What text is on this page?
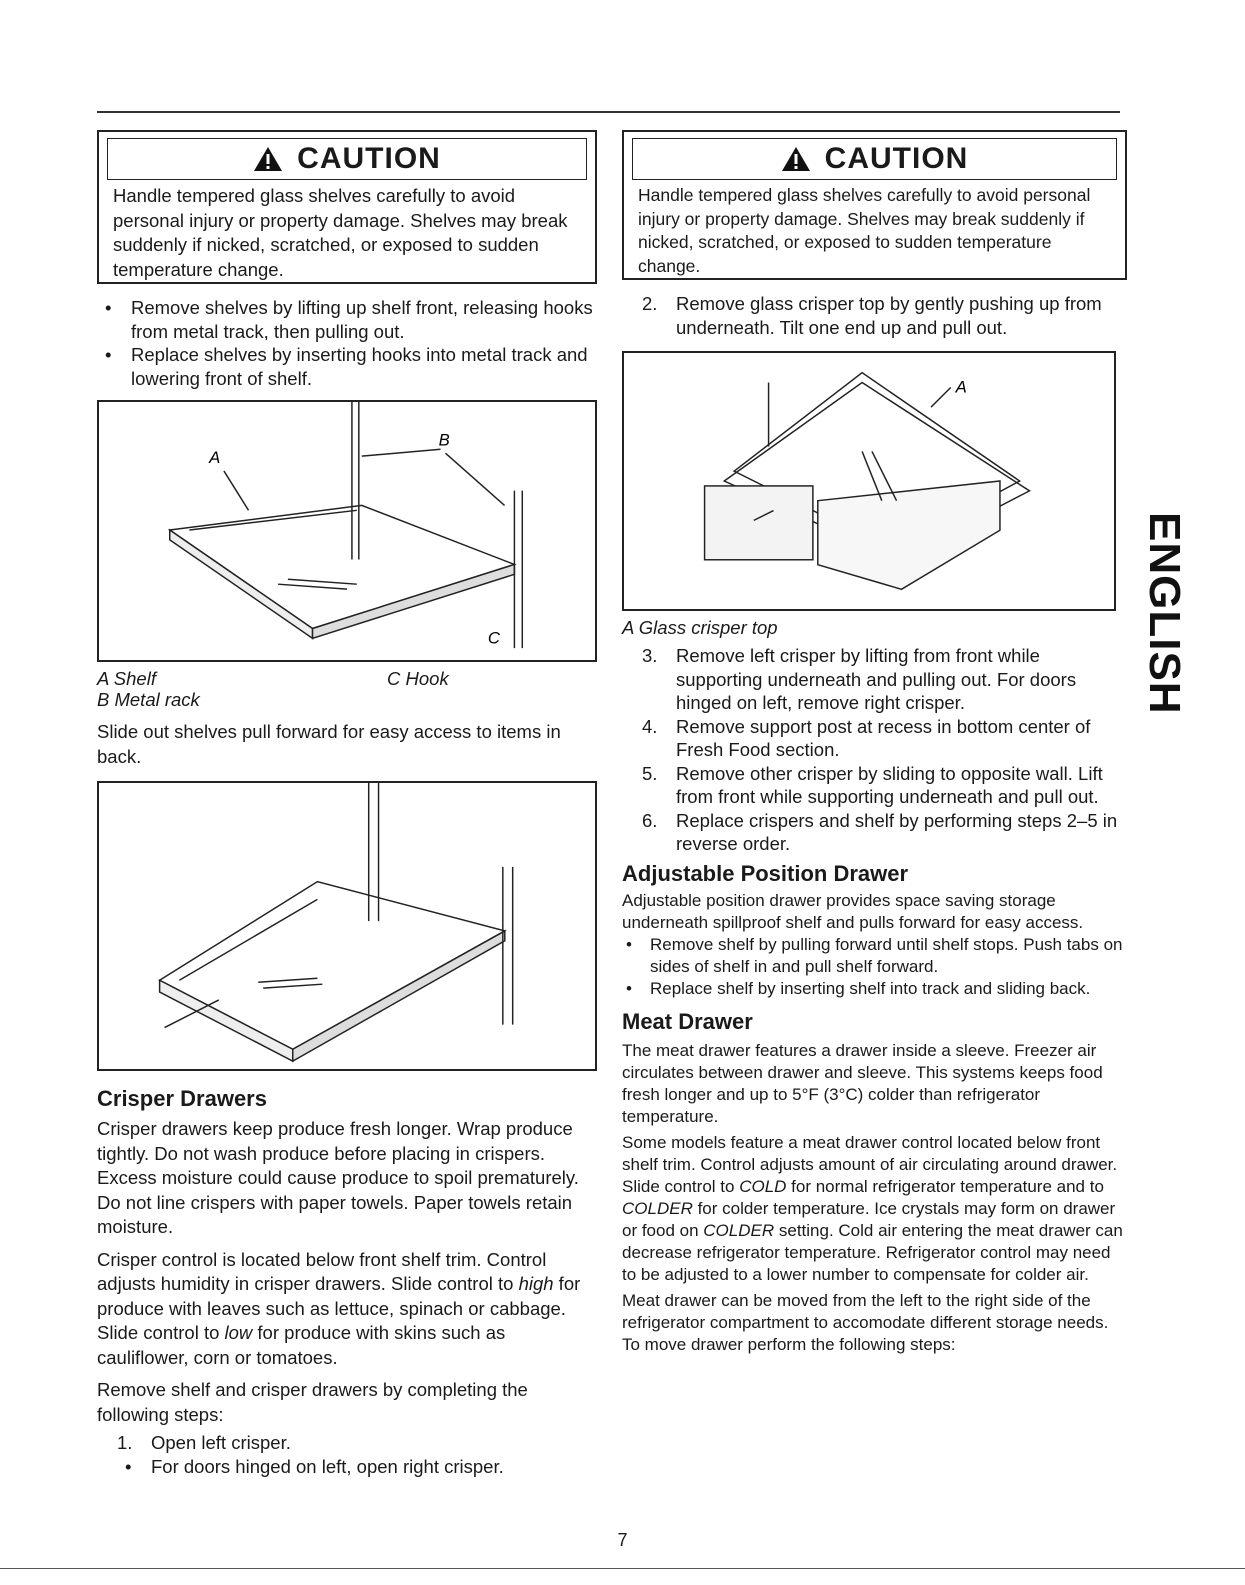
CAUTION
Handle tempered glass shelves carefully to avoid personal injury or property damage. Shelves may break suddenly if nicked, scratched, or exposed to sudden temperature change.
• Remove shelves by lifting up shelf front, releasing hooks from metal track, then pulling out.
• Replace shelves by inserting hooks into metal track and lowering front of shelf.
A
B
C
A Shelf
B Metal rack
C Hook

Slide out shelves pull forward for easy access to items in back.

Crisper Drawers

Crisper drawers keep produce fresh longer. Wrap produce tightly. Do not wash produce before placing in crispers. Excess moisture could cause produce to spoil prematurely. Do not line crispers with paper towels. Paper towels retain moisture.

Crisper control is located below front shelf trim. Control adjusts humidity in crisper drawers. Slide control to high for produce with leaves such as lettuce, spinach or cabbage. Slide control to low for produce with skins such as cauliflower, corn or tomatoes.

Remove shelf and crisper drawers by completing the following steps:

1. Open left crisper.
• For doors hinged on left, open right crisper.
CAUTION
Handle tempered glass shelves carefully to avoid personal injury or property damage. Shelves may break suddenly if nicked, scratched, or exposed to sudden temperature change.
2. Remove glass crisper top by gently pushing up from underneath. Tilt one end up and pull out.
A
A Glass crisper top
3. Remove left crisper by lifting from front while supporting underneath and pulling out. For doors hinged on left, remove right crisper.
4. Remove support post at recess in bottom center of Fresh Food section.
5. Remove other crisper by sliding to opposite wall. Lift from front while supporting underneath and pull out.
6. Replace crispers and shelf by performing steps 2–5 in reverse order.
Adjustable Position Drawer

Adjustable position drawer provides space saving storage underneath spillproof shelf and pulls forward for easy access.

• Remove shelf by pulling forward until shelf stops. Push tabs on sides of shelf in and pull shelf forward.
• Replace shelf by inserting shelf into track and sliding back.
Meat Drawer

The meat drawer features a drawer inside a sleeve. Freezer air circulates between drawer and sleeve. This systems keeps food fresh longer and up to 5°F (3°C) colder than refrigerator temperature.

Some models feature a meat drawer control located below front shelf trim. Control adjusts amount of air circulating around drawer. Slide control to COLD for normal refrigerator temperature and to COLDER for colder temperature. Ice crystals may form on drawer or food on COLDER setting. Cold air entering the meat drawer can decrease refrigerator temperature. Refrigerator control may need to be adjusted to a lower number to compensate for colder air.

Meat drawer can be moved from the left to the right side of the refrigerator compartment to accomodate different storage needs. To move drawer perform the following steps:

ENGLISH
7
